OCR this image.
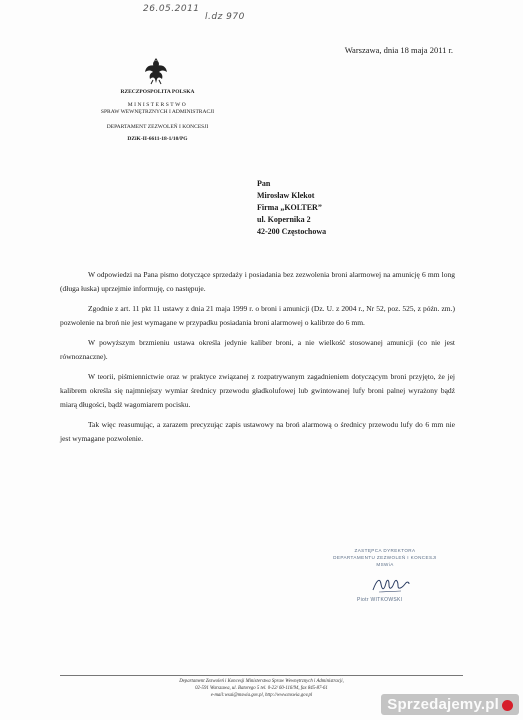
26.05.2011
l.dz 970
Warszawa, dnia 18 maja 2011 r.
RZECZPOSPOLITA POLSKA
MINISTERSTWO
SPRAW WEWNĘTRZNYCH I ADMINISTRACJI
DEPARTAMENT ZEZWOLEŃ I KONCESJI
DZiK-II-6611-18-1/10/PG
Pan
Mirosław Klekot
Firma „KOLTER”
ul. Kopernika 2
42-200 Częstochowa

W odpowiedzi na Pana pismo dotyczące sprzedaży i posiadania bez zezwolenia broni alarmowej na amunicję 6 mm long (długa łuska) uprzejmie informuję, co następuje.

Zgodnie z art. 11 pkt 11 ustawy z dnia 21 maja 1999 r. o broni i amunicji (Dz. U. z 2004 r., Nr 52, poz. 525, z późn. zm.) pozwolenie na broń nie jest wymagane w przypadku posiadania broni alarmowej o kalibrze do 6 mm.

W powyższym brzmieniu ustawa określa jedynie kaliber broni, a nie wielkość stosowanej amunicji (co nie jest równoznaczne).

W teorii, piśmiennictwie oraz w praktyce związanej z rozpatrywanym zagadnieniem dotyczącym broni przyjęto, że jej kalibrem określa się najmniejszy wymiar średnicy przewodu gładkolufowej lub gwintowanej lufy broni palnej wyrażony bądź miarą długości, bądź wagomiarem pocisku.

Tak więc reasumując, a zarazem precyzując zapis ustawowy na broń alarmową o średnicy przewodu lufy do 6 mm nie jest wymagane pozwolenie.

ZASTĘPCA DYREKTORA
DEPARTAMENTU ZEZWOLEŃ I KONCESJI
MSWiA
Piotr WITKOWSKI
Departament Zezwoleń i Koncesji Ministerstwa Spraw Wewnętrznych i Administracji,
02-591 Warszawa, ul. Batorego 5 tel. 0-22/ 60-116/94, fax 845-87-61
e-mail:wsai@mswia.gov.pl, http://www.mswia.gov.pl
Sprzedajemy.pl
